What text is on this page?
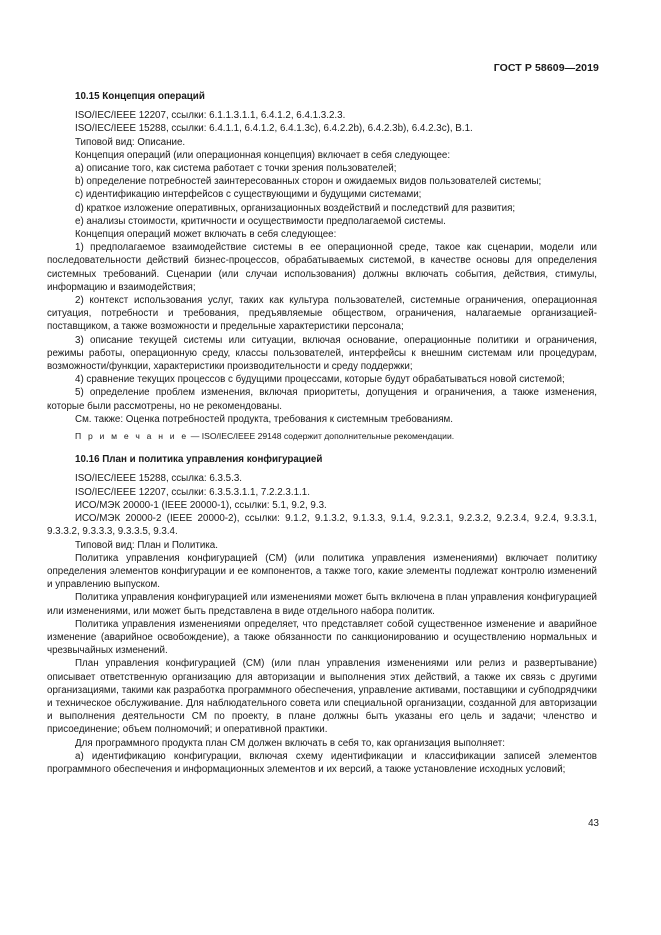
ГОСТ Р 58609—2019

10.15 Концепция операций

ISO/IEC/IEEE 12207, ссылки: 6.1.1.3.1.1, 6.4.1.2, 6.4.1.3.2.3.

ISO/IEC/IEEE 15288, ссылки: 6.4.1.1, 6.4.1.2, 6.4.1.3c), 6.4.2.2b), 6.4.2.3b), 6.4.2.3c), B.1.

Типовой вид: Описание.

Концепция операций (или операционная концепция) включает в себя следующее:

a) описание того, как система работает с точки зрения пользователей;

b) определение потребностей заинтересованных сторон и ожидаемых видов пользователей системы;

c) идентификацию интерфейсов с существующими и будущими системами;

d) краткое изложение оперативных, организационных воздействий и последствий для развития;

e) анализы стоимости, критичности и осуществимости предполагаемой системы.

Концепция операций может включать в себя следующее:

1) предполагаемое взаимодействие системы в ее операционной среде, такое как сценарии, модели или последовательности действий бизнес-процессов, обрабатываемых системой, в качестве основы для определения системных требований. Сценарии (или случаи использования) должны включать события, действия, стимулы, информацию и взаимодействия;

2) контекст использования услуг, таких как культура пользователей, системные ограничения, операционная ситуация, потребности и требования, предъявляемые обществом, ограничения, налагаемые организацией-поставщиком, а также возможности и предельные характеристики персонала;

3) описание текущей системы или ситуации, включая основание, операционные политики и ограничения, режимы работы, операционную среду, классы пользователей, интерфейсы к внешним системам или процедурам, возможности/функции, характеристики производительности и среду поддержки;

4) сравнение текущих процессов с будущими процессами, которые будут обрабатываться новой системой;

5) определение проблем изменения, включая приоритеты, допущения и ограничения, а также изменения, которые были рассмотрены, но не рекомендованы.

См. также: Оценка потребностей продукта, требования к системным требованиям.

П р и м е ч а н и е — ISO/IEC/IEEE 29148 содержит дополнительные рекомендации.

10.16 План и политика управления конфигурацией

ISO/IEC/IEEE 15288, ссылка: 6.3.5.3.

ISO/IEC/IEEE 12207, ссылки: 6.3.5.3.1.1, 7.2.2.3.1.1.

ИСО/МЭК 20000-1 (IEEE 20000-1), ссылки: 5.1, 9.2, 9.3.

ИСО/МЭК 20000-2 (IEEE 20000-2), ссылки: 9.1.2, 9.1.3.2, 9.1.3.3, 9.1.4, 9.2.3.1, 9.2.3.2, 9.2.3.4, 9.2.4, 9.3.3.1, 9.3.3.2, 9.3.3.3, 9.3.3.5, 9.3.4.

Типовой вид: План и Политика.

Политика управления конфигурацией (CM) (или политика управления изменениями) включает политику определения элементов конфигурации и ее компонентов, а также того, какие элементы подлежат контролю изменений и управлению выпуском.

Политика управления конфигурацией или изменениями может быть включена в план управления конфигурацией или изменениями, или может быть представлена в виде отдельного набора политик.

Политика управления изменениями определяет, что представляет собой существенное изменение и аварийное изменение (аварийное освобождение), а также обязанности по санкционированию и осуществлению нормальных и чрезвычайных изменений.

План управления конфигурацией (CM) (или план управления изменениями или релиз и развертывание) описывает ответственную организацию для авторизации и выполнения этих действий, а также их связь с другими организациями, такими как разработка программного обеспечения, управление активами, поставщики и субподрядчики и техническое обслуживание. Для наблюдательного совета или специальной организации, созданной для авторизации и выполнения деятельности CM по проекту, в плане должны быть указаны его цель и задачи; членство и присоединение; объем полномочий; и оперативной практики.

Для программного продукта план CM должен включать в себя то, как организация выполняет:

a) идентификацию конфигурации, включая схему идентификации и классификации записей элементов программного обеспечения и информационных элементов и их версий, а также установление исходных условий;

43
